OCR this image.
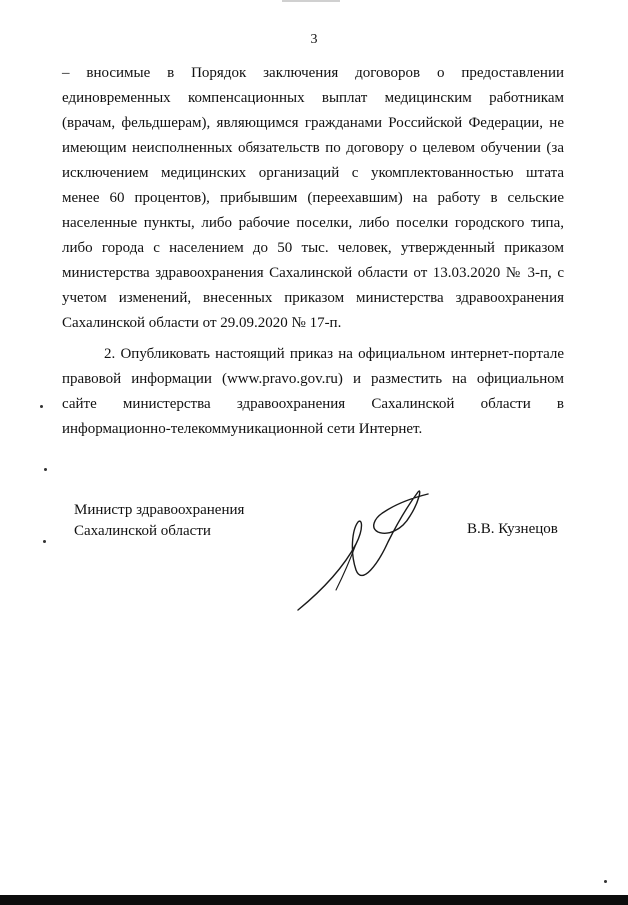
3

– вносимые в Порядок заключения договоров о предоставлении
единовременных компенсационных выплат медицинским работникам
(врачам, фельдшерам), являющимся гражданами Российской Федерации, не
имеющим неисполненных обязательств по договору о целевом обучении (за
исключением медицинских организаций с укомплектованностью штата
менее 60 процентов), прибывшим (переехавшим) на работу в сельские
населенные пункты, либо рабочие поселки, либо поселки городского типа,
либо города с населением до 50 тыс. человек, утвержденный приказом
министерства здравоохранения Сахалинской области от 13.03.2020 № 3-п, с
учетом изменений, внесенных приказом министерства здравоохранения
Сахалинской области от 29.09.2020 № 17-п.

2. Опубликовать настоящий приказ на официальном интернет-портале
правовой информации (www.pravo.gov.ru) и разместить на официальном
сайте министерства здравоохранения Сахалинской области в
информационно-телекоммуникационной сети Интернет.

Министр здравоохранения
Сахалинской области	В.В. Кузнецов
